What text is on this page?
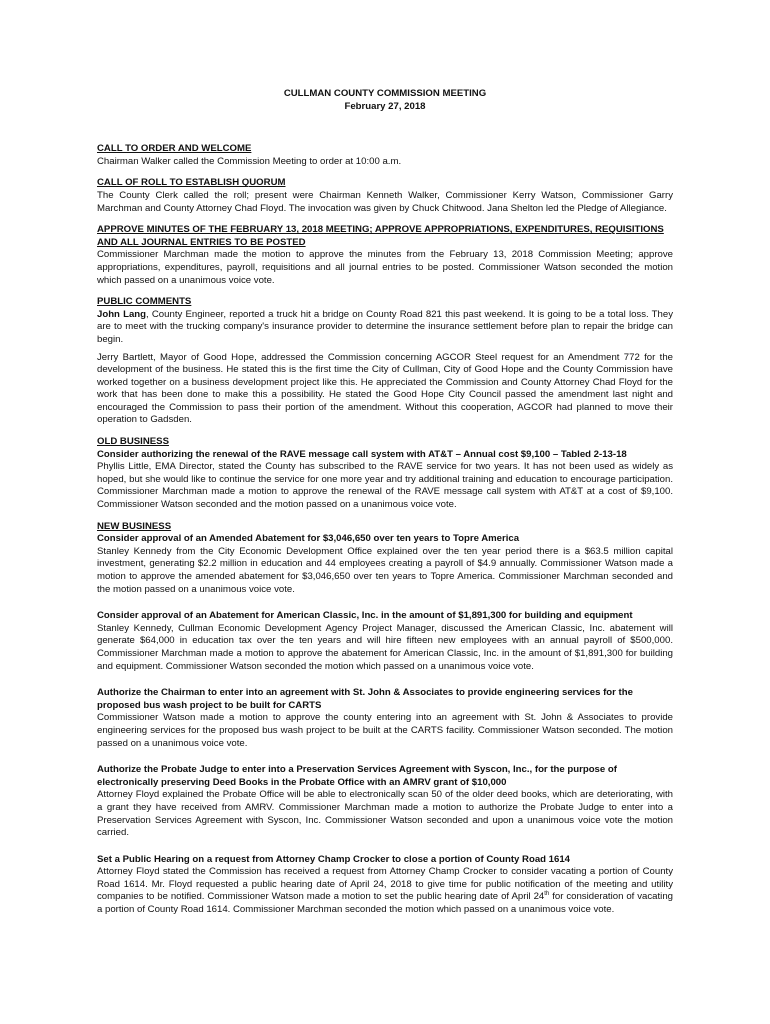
CULLMAN COUNTY COMMISSION MEETING
February 27, 2018
CALL TO ORDER AND WELCOME

Chairman Walker called the Commission Meeting to order at 10:00 a.m.

CALL OF ROLL TO ESTABLISH QUORUM

The County Clerk called the roll; present were Chairman Kenneth Walker, Commissioner Kerry Watson, Commissioner Garry Marchman and County Attorney Chad Floyd. The invocation was given by Chuck Chitwood. Jana Shelton led the Pledge of Allegiance.

APPROVE MINUTES OF THE FEBRUARY 13, 2018 MEETING; APPROVE APPROPRIATIONS, EXPENDITURES, REQUISITIONS AND ALL JOURNAL ENTRIES TO BE POSTED

Commissioner Marchman made the motion to approve the minutes from the February 13, 2018 Commission Meeting; approve appropriations, expenditures, payroll, requisitions and all journal entries to be posted. Commissioner Watson seconded the motion which passed on a unanimous voice vote.

PUBLIC COMMENTS

John Lang, County Engineer, reported a truck hit a bridge on County Road 821 this past weekend. It is going to be a total loss. They are to meet with the trucking company's insurance provider to determine the insurance settlement before plan to repair the bridge can begin.

Jerry Bartlett, Mayor of Good Hope, addressed the Commission concerning AGCOR Steel request for an Amendment 772 for the development of the business. He stated this is the first time the City of Cullman, City of Good Hope and the County Commission have worked together on a business development project like this. He appreciated the Commission and County Attorney Chad Floyd for the work that has been done to make this a possibility. He stated the Good Hope City Council passed the amendment last night and encouraged the Commission to pass their portion of the amendment. Without this cooperation, AGCOR had planned to move their operation to Gadsden.

OLD BUSINESS
Consider authorizing the renewal of the RAVE message call system with AT&T – Annual cost $9,100 – Tabled 2-13-18

Phyllis Little, EMA Director, stated the County has subscribed to the RAVE service for two years. It has not been used as widely as hoped, but she would like to continue the service for one more year and try additional training and education to encourage participation. Commissioner Marchman made a motion to approve the renewal of the RAVE message call system with AT&T at a cost of $9,100. Commissioner Watson seconded and the motion passed on a unanimous voice vote.

NEW BUSINESS
Consider approval of an Amended Abatement for $3,046,650 over ten years to Topre America

Stanley Kennedy from the City Economic Development Office explained over the ten year period there is a $63.5 million capital investment, generating $2.2 million in education and 44 employees creating a payroll of $4.9 annually. Commissioner Watson made a motion to approve the amended abatement for $3,046,650 over ten years to Topre America. Commissioner Marchman seconded and the motion passed on a unanimous voice vote.

Consider approval of an Abatement for American Classic, Inc. in the amount of $1,891,300 for building and equipment

Stanley Kennedy, Cullman Economic Development Agency Project Manager, discussed the American Classic, Inc. abatement will generate $64,000 in education tax over the ten years and will hire fifteen new employees with an annual payroll of $500,000. Commissioner Marchman made a motion to approve the abatement for American Classic, Inc. in the amount of $1,891,300 for building and equipment. Commissioner Watson seconded the motion which passed on a unanimous voice vote.

Authorize the Chairman to enter into an agreement with St. John & Associates to provide engineering services for the proposed bus wash project to be built for CARTS

Commissioner Watson made a motion to approve the county entering into an agreement with St. John & Associates to provide engineering services for the proposed bus wash project to be built at the CARTS facility. Commissioner Watson seconded. The motion passed on a unanimous voice vote.

Authorize the Probate Judge to enter into a Preservation Services Agreement with Syscon, Inc., for the purpose of electronically preserving Deed Books in the Probate Office with an AMRV grant of $10,000

Attorney Floyd explained the Probate Office will be able to electronically scan 50 of the older deed books, which are deteriorating, with a grant they have received from AMRV. Commissioner Marchman made a motion to authorize the Probate Judge to enter into a Preservation Services Agreement with Syscon, Inc. Commissioner Watson seconded and upon a unanimous voice vote the motion carried.

Set a Public Hearing on a request from Attorney Champ Crocker to close a portion of County Road 1614

Attorney Floyd stated the Commission has received a request from Attorney Champ Crocker to consider vacating a portion of County Road 1614. Mr. Floyd requested a public hearing date of April 24, 2018 to give time for public notification of the meeting and utility companies to be notified. Commissioner Watson made a motion to set the public hearing date of April 24th for consideration of vacating a portion of County Road 1614. Commissioner Marchman seconded the motion which passed on a unanimous voice vote.
